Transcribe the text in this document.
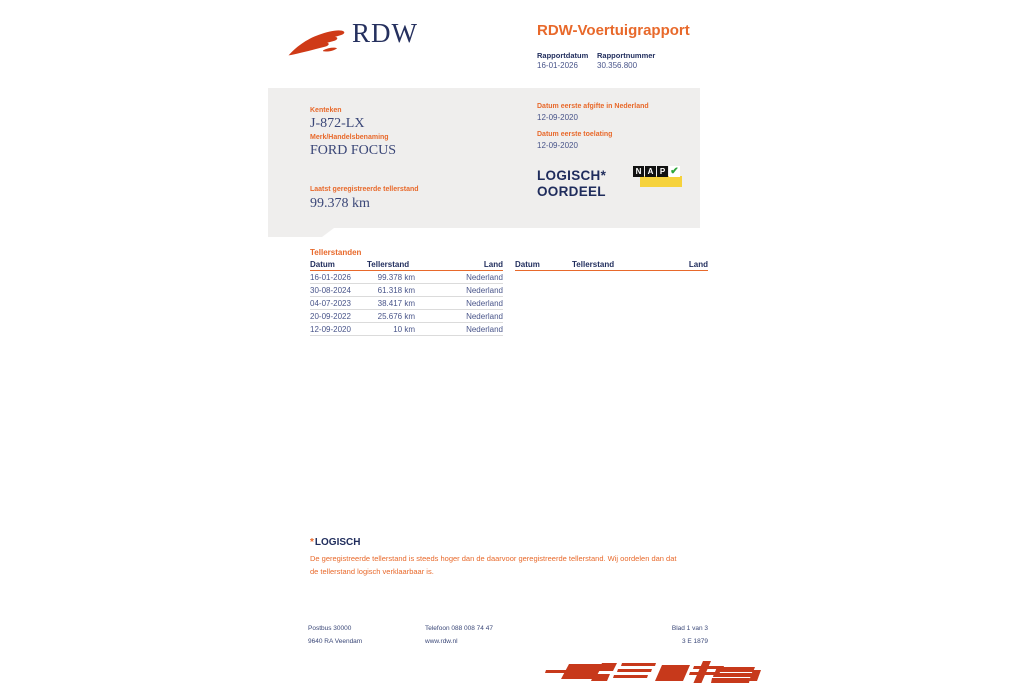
RDW	RDW-Voertuigrapport
Rapportdatum Rapportnummer
16-01-2026 30.356.800
Kenteken
J-872-LX
Merk/Handelsbenaming
FORD FOCUS
Laatst geregistreerde tellerstand
99.378 km
Datum eerste afgifte in Nederland
12-09-2020
Datum eerste toelating
12-09-2020
LOGISCH*
OORDEEL
N A P ✔
Tellerstanden
Datum	Tellerstand	Land
16-01-2026	99.378 km	Nederland
30-08-2024	61.318 km	Nederland
04-07-2023	38.417 km	Nederland
20-09-2022	25.676 km	Nederland
12-09-2020	10 km	Nederland
Datum	Tellerstand	Land
*LOGISCH
De geregistreerde tellerstand is steeds hoger dan de daarvoor geregistreerde tellerstand. Wij oordelen dan dat de tellerstand logisch verklaarbaar is.
Postbus 30000
9640 RA Veendam
Telefoon 088 008 74 47
www.rdw.nl
Blad 1 van 3
3 E 1879
